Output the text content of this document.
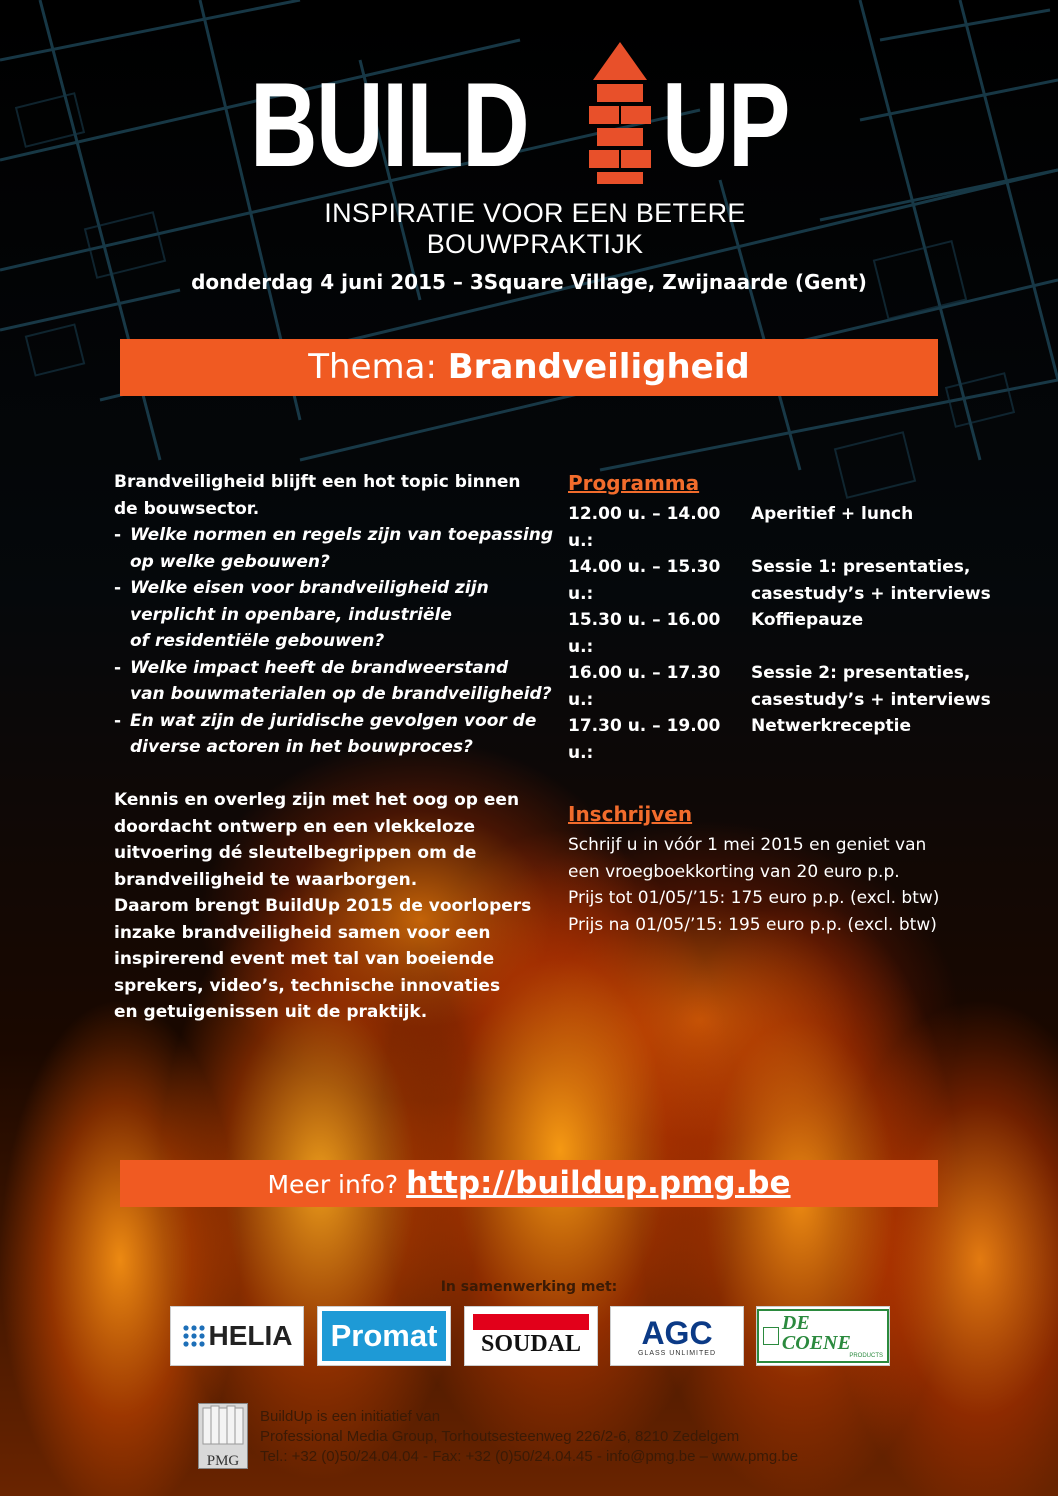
BUILD UP
INSPIRATIE VOOR EEN BETERE BOUWPRAKTIJK
donderdag 4 juni 2015 – 3Square Village, Zwijnaarde (Gent)
Thema: Brandveiligheid

Brandveiligheid blijft een hot topic binnen

de bouwsector.

- Welke normen en regels zijn van toepassing
op welke gebouwen?
- Welke eisen voor brandveiligheid zijn
verplicht in openbare, industriële
of residentiële gebouwen?
- Welke impact heeft de brandweerstand
van bouwmaterialen op de brandveiligheid?
- En wat zijn de juridische gevolgen voor de
diverse actoren in het bouwproces?

Kennis en overleg zijn met het oog op een

doordacht ontwerp en een vlekkeloze

uitvoering dé sleutelbegrippen om de

brandveiligheid te waarborgen.

Daarom brengt BuildUp 2015 de voorlopers

inzake brandveiligheid samen voor een

inspirerend event met tal van boeiende

sprekers, video’s, technische innovaties

en getuigenissen uit de praktijk.

Programma
12.00 u. – 14.00 u.:
Aperitief + lunch
14.00 u. – 15.30 u.:
Sessie 1: presentaties,
casestudy’s + interviews
15.30 u. – 16.00 u.:
Koffiepauze
16.00 u. – 17.30 u.:
Sessie 2: presentaties,
casestudy’s + interviews
17.30 u. – 19.00 u.:
Netwerkreceptie
Inschrijven

Schrijf u in vóór 1 mei 2015 en geniet van

een vroegboekkorting van 20 euro p.p.

Prijs tot 01/05/’15: 175 euro p.p. (excl. btw)

Prijs na 01/05/’15: 195 euro p.p. (excl. btw)

Meer info? http://buildup.pmg.be
In samenwerking met:
HELIA Promat SOUDAL AGC
GLASS UNLIMITED
DE COENE
PRODUCTS
PMG

BuildUp is een initiatief van

Professional Media Group, Torhoutsesteenweg 226/2-6, 8210 Zedelgem

Tel.: +32 (0)50/24.04.04 - Fax: +32 (0)50/24.04.45 - info@pmg.be – www.pmg.be
